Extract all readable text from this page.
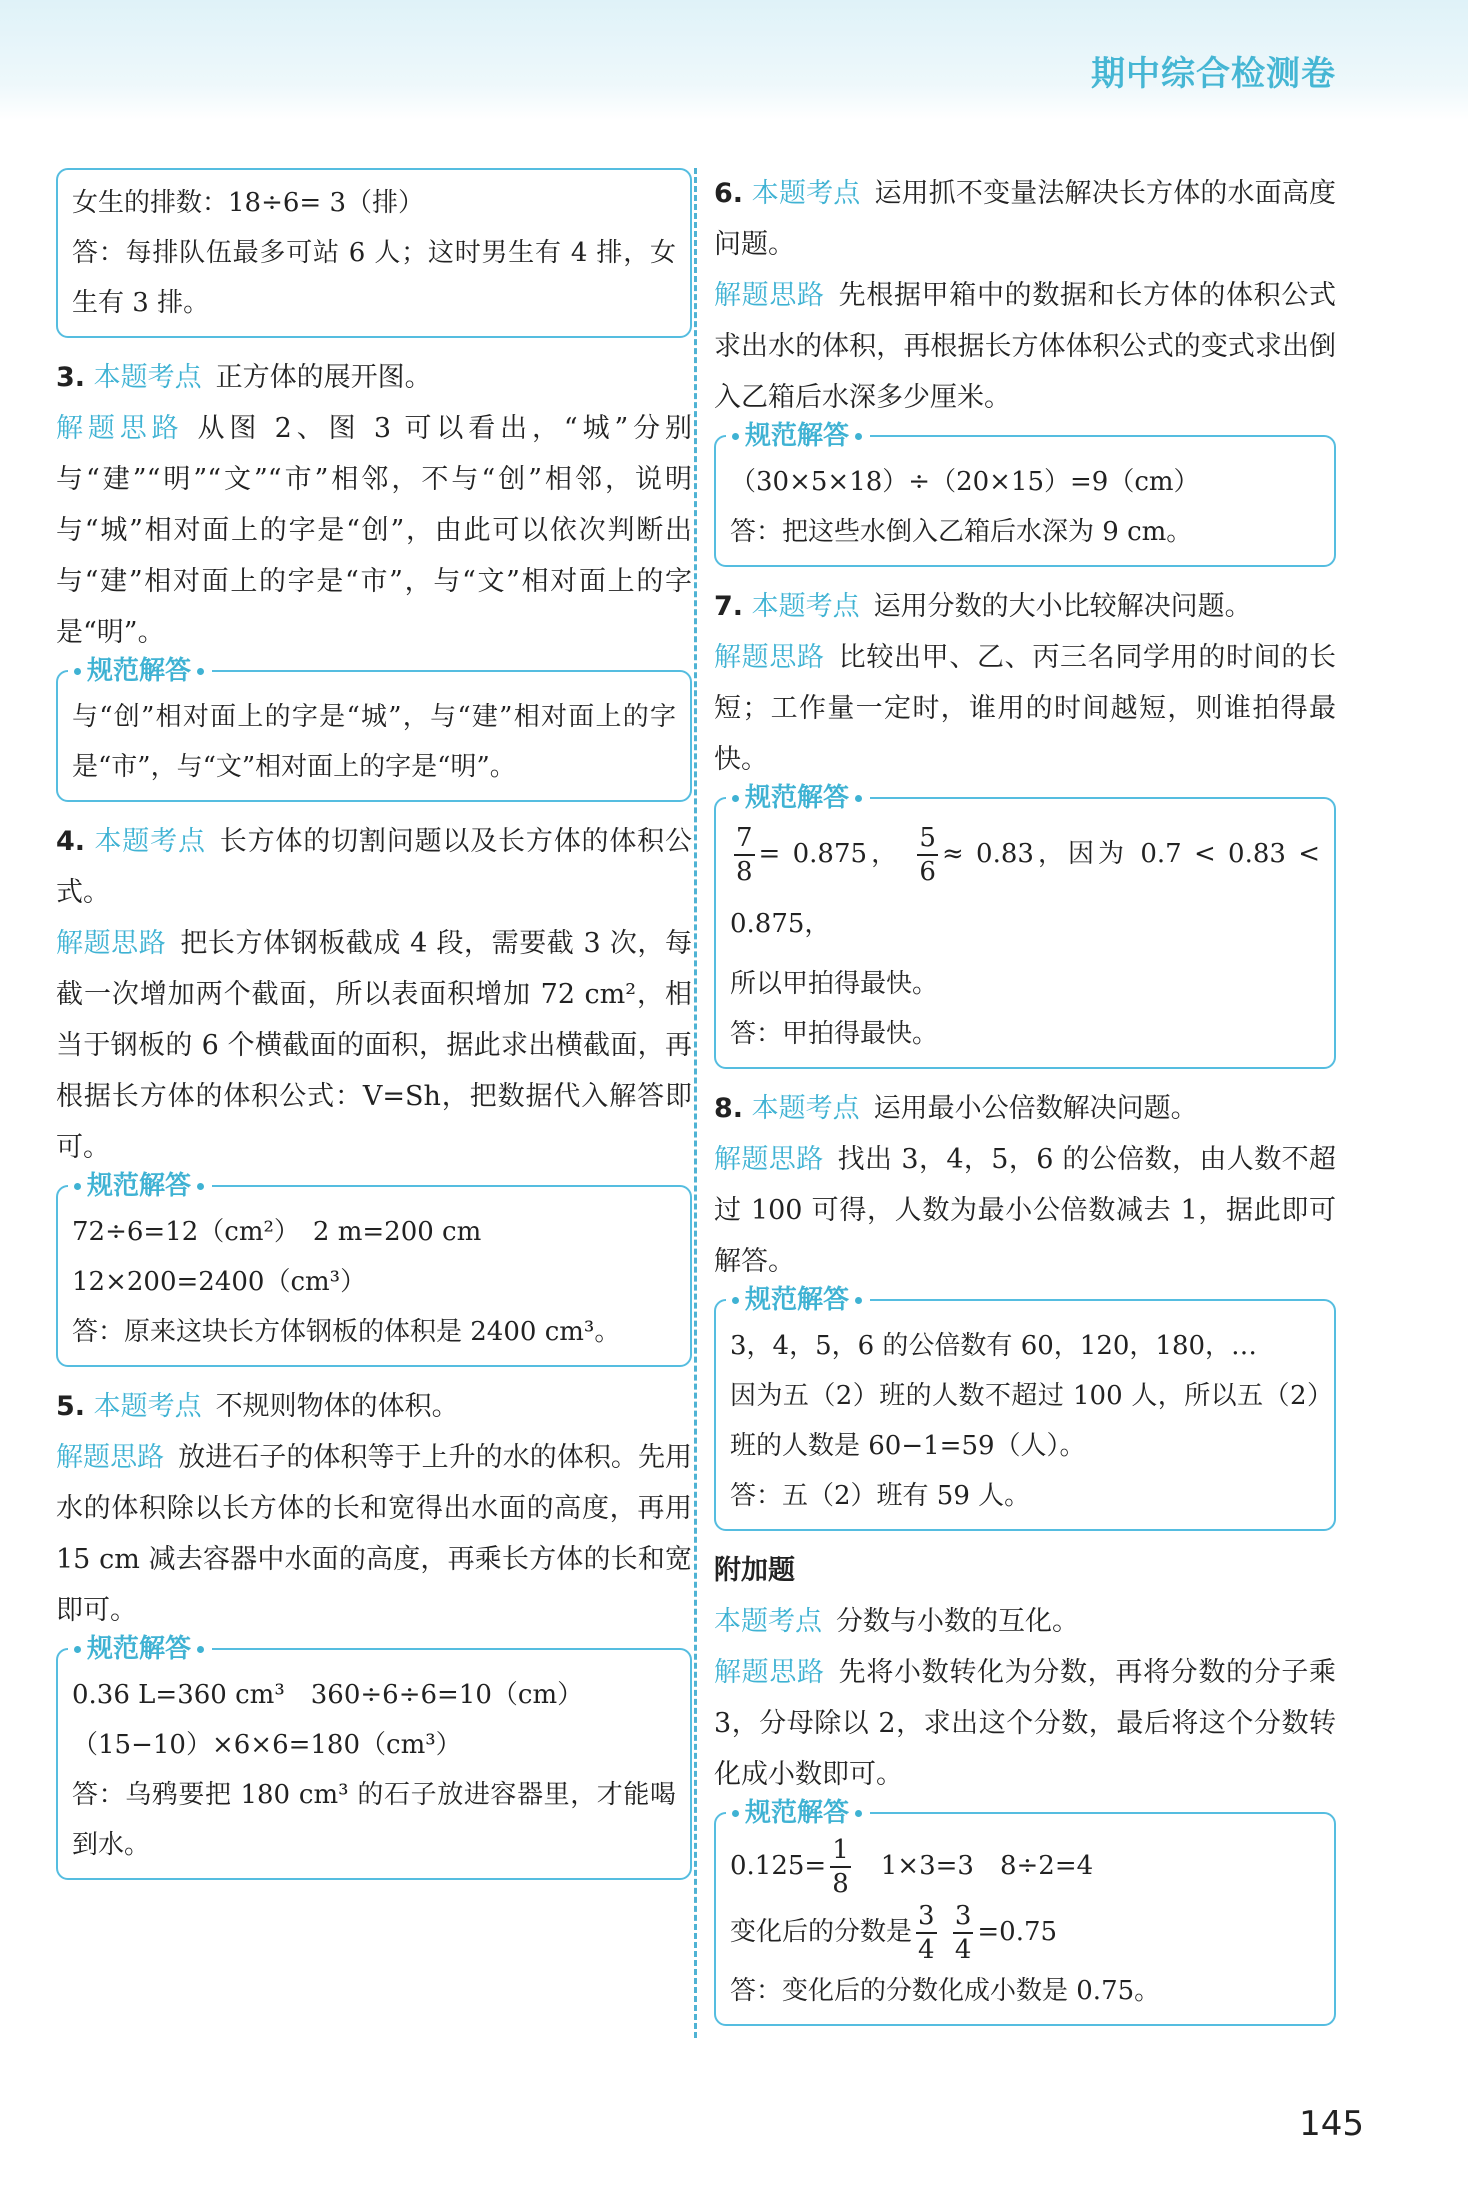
期中综合检测卷

女生的排数：18÷6= 3（排）

答：每排队伍最多可站 6 人；这时男生有 4 排，女生有 3 排。

3. 本题考点 正方体的展开图。

解题思路 从图 2、图 3 可以看出，“城”分别与“建”“明”“文”“市”相邻，不与“创”相邻，说明与“城”相对面上的字是“创”，由此可以依次判断出与“建”相对面上的字是“市”，与“文”相对面上的字是“明”。

规范解答

与“创”相对面上的字是“城”，与“建”相对面上的字是“市”，与“文”相对面上的字是“明”。

4. 本题考点 长方体的切割问题以及长方体的体积公式。

解题思路 把长方体钢板截成 4 段，需要截 3 次，每截一次增加两个截面，所以表面积增加 72 cm²，相当于钢板的 6 个横截面的面积，据此求出横截面，再根据长方体的体积公式：V=Sh，把数据代入解答即可。

规范解答

72÷6=12（cm²）　2 m=200 cm

12×200=2400（cm³）

答：原来这块长方体钢板的体积是 2400 cm³。

5. 本题考点 不规则物体的体积。

解题思路 放进石子的体积等于上升的水的体积。先用水的体积除以长方体的长和宽得出水面的高度，再用 15 cm 减去容器中水面的高度，再乘长方体的长和宽即可。

规范解答

0.36 L=360 cm³　360÷6÷6=10（cm）

（15−10）×6×6=180（cm³）

答：乌鸦要把 180 cm³ 的石子放进容器里，才能喝到水。

6. 本题考点 运用抓不变量法解决长方体的水面高度问题。

解题思路 先根据甲箱中的数据和长方体的体积公式求出水的体积，再根据长方体体积公式的变式求出倒入乙箱后水深多少厘米。

规范解答

（30×5×18）÷（20×15）=9（cm）

答：把这些水倒入乙箱后水深为 9 cm。

7. 本题考点 运用分数的大小比较解决问题。

解题思路 比较出甲、乙、丙三名同学用的时间的长短；工作量一定时，谁用的时间越短，则谁拍得最快。

规范解答

$\frac{7}{8} = 0.875$， $\frac{5}{6} \approx 0.83$，因为 0.7 < 0.83 < 0.875，

所以甲拍得最快。

答：甲拍得最快。

8. 本题考点 运用最小公倍数解决问题。

解题思路 找出 3，4，5，6 的公倍数，由人数不超过 100 可得，人数为最小公倍数减去 1，据此即可解答。

规范解答

3，4，5，6 的公倍数有 60，120，180，…

因为五（2）班的人数不超过 100 人，所以五（2）班的人数是 60−1=59（人）。

答：五（2）班有 59 人。

附加题

本题考点 分数与小数的互化。

解题思路 先将小数转化为分数，再将分数的分子乘 3，分母除以 2，求出这个分数，最后将这个分数转化成小数即可。

规范解答

$0.125= \frac{1}{8}$ 　1×3=3　8÷2=4

变化后的分数是 $\frac{3}{4}$
$\frac{3}{4} =0.75$

答：变化后的分数化成小数是 0.75。

145
